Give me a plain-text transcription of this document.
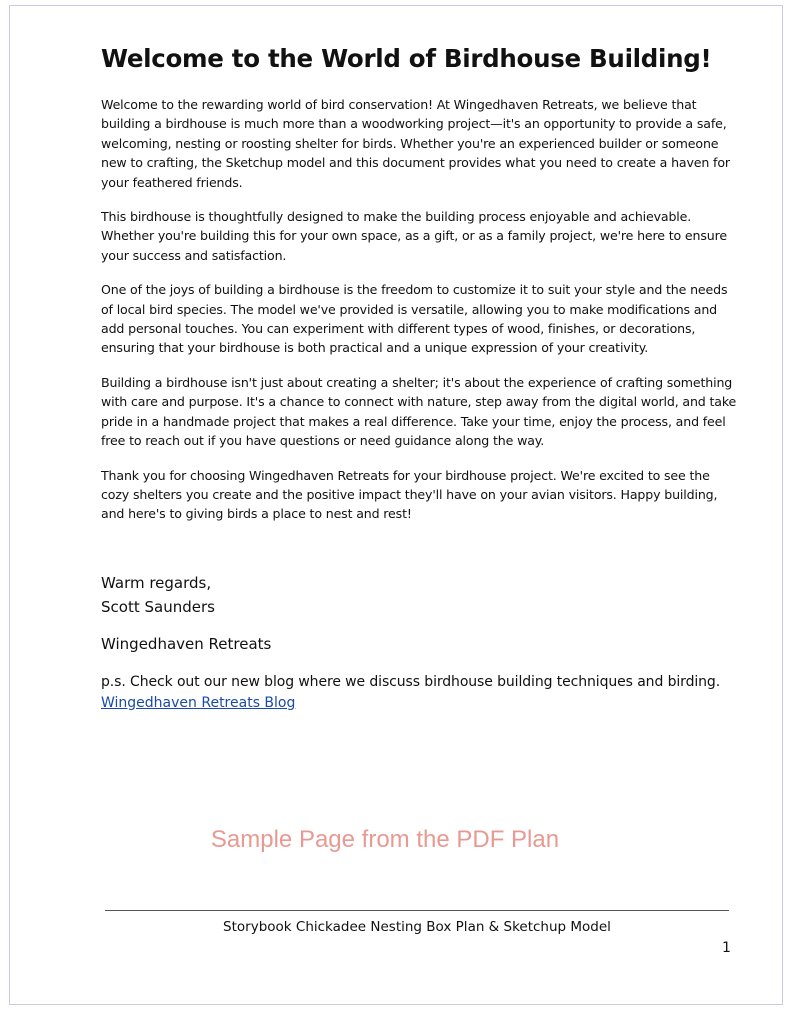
Welcome to the World of Birdhouse Building!

Welcome to the rewarding world of bird conservation! At Wingedhaven Retreats, we believe that building a birdhouse is much more than a woodworking project—it's an opportunity to provide a safe, welcoming, nesting or roosting shelter for birds. Whether you're an experienced builder or someone new to crafting, the Sketchup model and this document provides what you need to create a haven for your feathered friends.

This birdhouse is thoughtfully designed to make the building process enjoyable and achievable. Whether you're building this for your own space, as a gift, or as a family project, we're here to ensure your success and satisfaction.

One of the joys of building a birdhouse is the freedom to customize it to suit your style and the needs of local bird species. The model we've provided is versatile, allowing you to make modifications and add personal touches. You can experiment with different types of wood, finishes, or decorations, ensuring that your birdhouse is both practical and a unique expression of your creativity.

Building a birdhouse isn't just about creating a shelter; it's about the experience of crafting something with care and purpose. It's a chance to connect with nature, step away from the digital world, and take pride in a handmade project that makes a real difference. Take your time, enjoy the process, and feel free to reach out if you have questions or need guidance along the way.

Thank you for choosing Wingedhaven Retreats for your birdhouse project. We're excited to see the cozy shelters you create and the positive impact they'll have on your avian visitors. Happy building, and here's to giving birds a place to nest and rest!

Warm regards,
Scott Saunders
Wingedhaven Retreats
p.s. Check out our new blog where we discuss birdhouse building techniques and birding.
Wingedhaven Retreats Blog
Sample Page from the PDF Plan
Storybook Chickadee Nesting Box Plan & Sketchup Model
1
